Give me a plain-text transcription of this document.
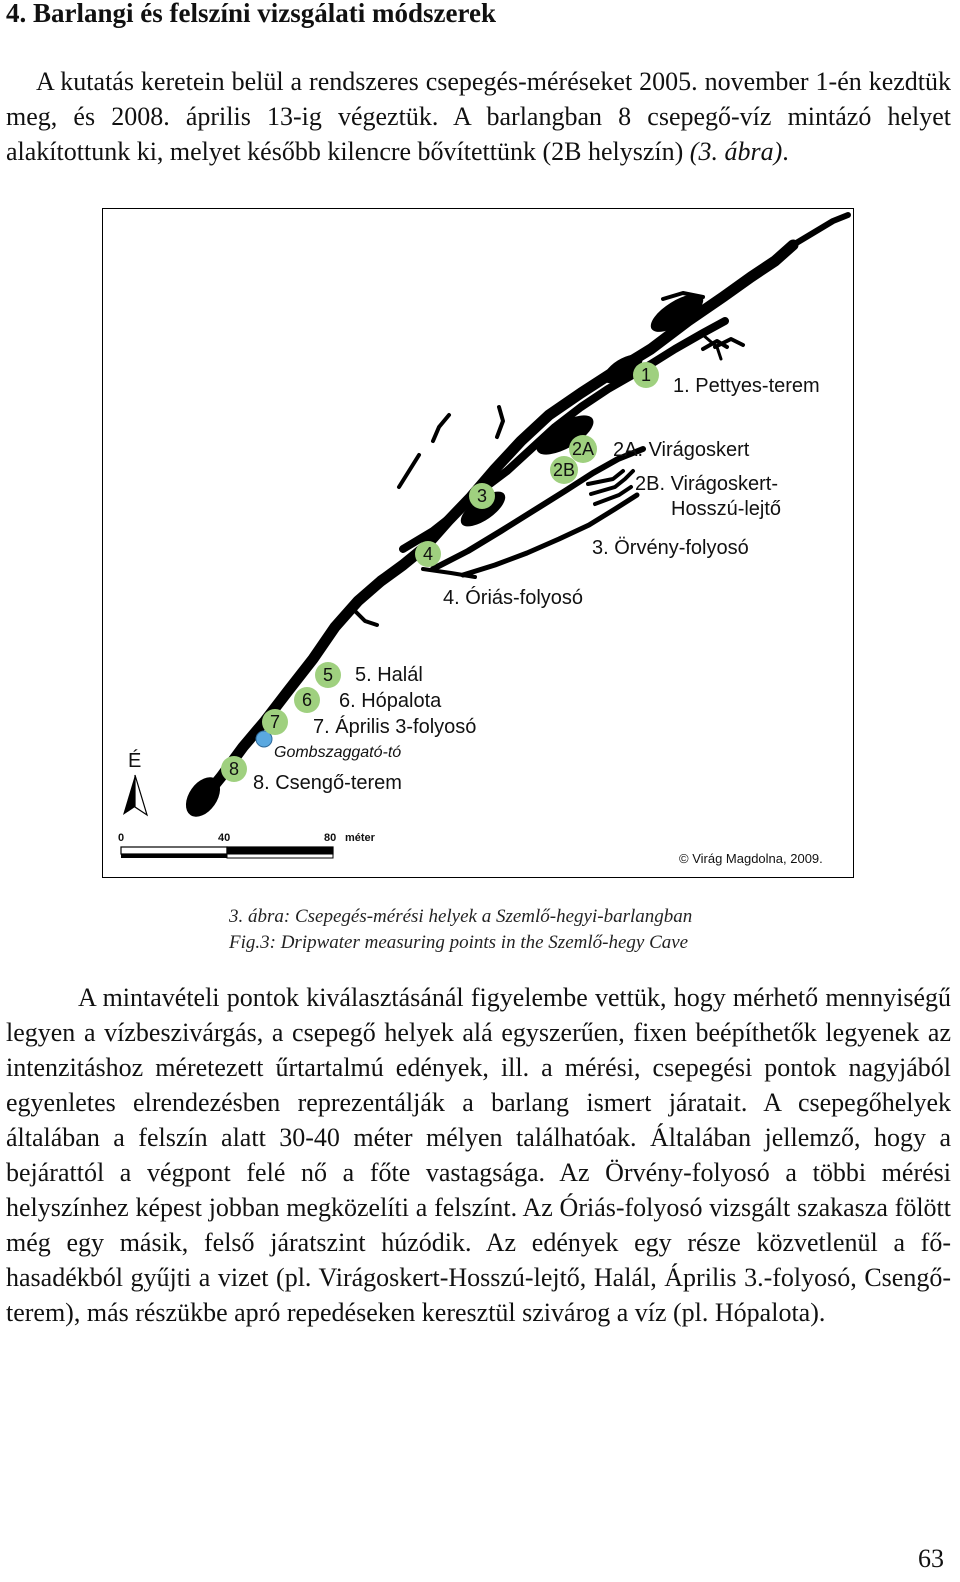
4. Barlangi és felszíni vizsgálati módszerek

A kutatás keretein belül a rendszeres csepegés-méréseket 2005. november 1-én kezdtük meg, és 2008. április 13-ig végeztük. A barlangban 8 csepegő-víz mintázó helyet alakítottunk ki, melyet később kilencre bővítettünk (2B helyszín) (3. ábra).

Gombszaggató-tó
1
2A
2B
3
4
5
6
7
8
1. Pettyes-terem
2A. Virágoskert
2B. Virágoskert-
Hosszú-lejtő
3. Örvény-folyosó
4. Óriás-folyosó
5. Halál
6. Hópalota
7. Április 3-folyosó
8. Csengő-terem
É
0	40	80 méter
© Virág Magdolna, 2009.

3. ábra: Csepegés-mérési helyek a Szemlő-hegyi-barlangban
Fig.3: Dripwater measuring points in the Szemlő-hegy Cave

A mintavételi pontok kiválasztásánál figyelembe vettük, hogy mérhető mennyiségű legyen a vízbeszivárgás, a csepegő helyek alá egyszerűen, fixen beépíthetők legyenek az intenzitáshoz méretezett űrtartalmú edények, ill. a mérési, csepegési pontok nagyjából egyenletes elrendezésben reprezentálják a barlang ismert járatait. A csepegőhelyek általában a felszín alatt 30-40 méter mélyen találhatóak. Általában jellemző, hogy a bejárattól a végpont felé nő a főte vastagsága. Az Örvény-folyosó a többi mérési helyszínhez képest jobban megközelíti a felszínt. Az Óriás-folyosó vizsgált szakasza fölött még egy másik, felső járatszint húzódik. Az edények egy része közvetlenül a fő-hasadékból gyűjti a vizet (pl. Virágoskert-Hosszú-lejtő, Halál, Április 3.-folyosó, Csengő-terem), más részükbe apró repedéseken keresztül szivárog a víz (pl. Hópalota).

63
